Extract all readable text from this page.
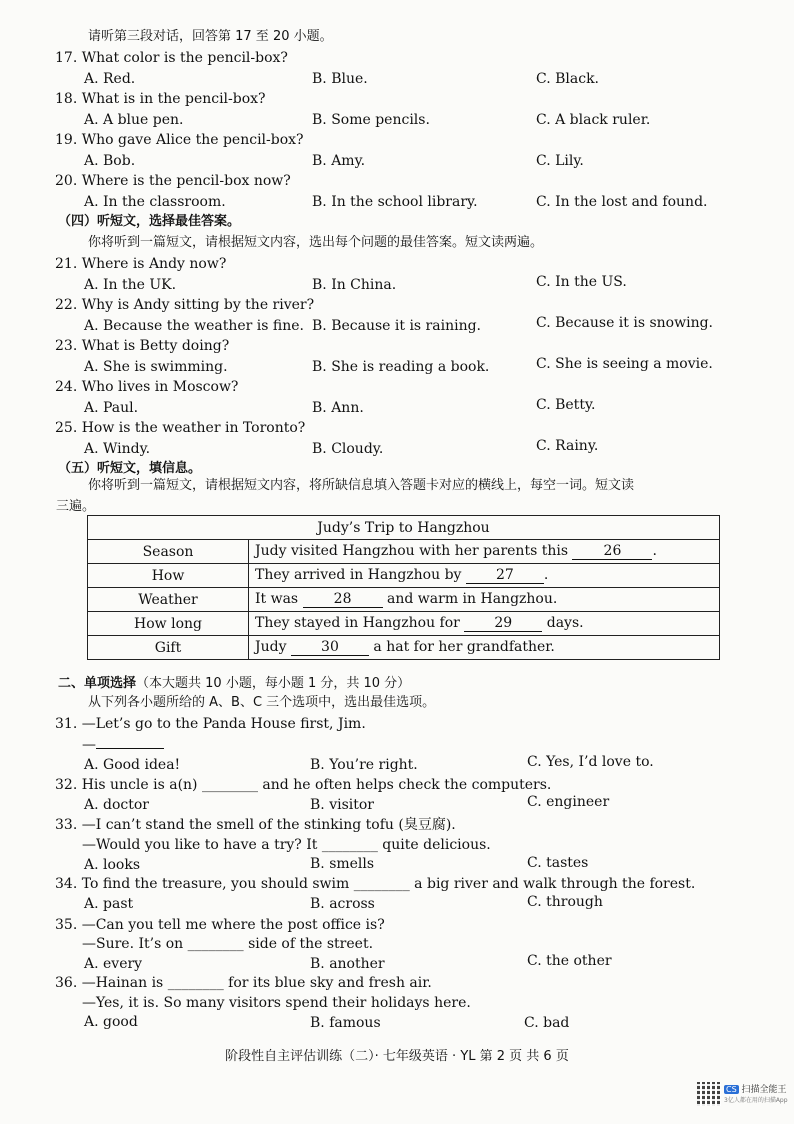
请听第三段对话，回答第 17 至 20 小题。
17. What color is the pencil-box?
A. Red.	B. Blue.	C. Black.
18. What is in the pencil-box?
A. A blue pen.	B. Some pencils.	C. A black ruler.
19. Who gave Alice the pencil-box?
A. Bob.	B. Amy.	C. Lily.
20. Where is the pencil-box now?
A. In the classroom.	B. In the school library.	C. In the lost and found.
（四）听短文，选择最佳答案。
你将听到一篇短文，请根据短文内容，选出每个问题的最佳答案。短文读两遍。
21. Where is Andy now?
A. In the UK.	B. In China.	C. In the US.
22. Why is Andy sitting by the river?
A. Because the weather is fine. B. Because it is raining.	C. Because it is snowing.
23. What is Betty doing?
A. She is swimming.	B. She is reading a book.	C. She is seeing a movie.
24. Who lives in Moscow?
A. Paul.	B. Ann.	C. Betty.
25. How is the weather in Toronto?
A. Windy.	B. Cloudy.	C. Rainy.
（五）听短文，填信息。
你将听到一篇短文，请根据短文内容，将所缺信息填入答题卡对应的横线上，每空一词。短文读
三遍。
Judy’s Trip to Hangzhou	
Season	Judy visited Hangzhou with her parents this 26 .
How	They arrived in Hangzhou by 27 .
Weather	It was 28 and warm in Hangzhou.
How long	They stayed in Hangzhou for 29 days.
Gift	Judy 30 a hat for her grandfather.
二、单项选择（本大题共 10 小题，每小题 1 分，共 10 分）
从下列各小题所给的 A、B、C 三个选项中，选出最佳选项。
31. —Let’s go to the Panda House first, Jim.
—
A. Good idea!	B. You’re right.	C. Yes, I’d love to.
32. His uncle is a(n) ________ and he often helps check the computers.
A. doctor	B. visitor	C. engineer
33. —I can’t stand the smell of the stinking tofu (臭豆腐).
—Would you like to have a try? It ________ quite delicious.
A. looks	B. smells	C. tastes
34. To find the treasure, you should swim ________ a big river and walk through the forest.
A. past	B. across	C. through
35. —Can you tell me where the post office is?
—Sure. It’s on ________ side of the street.
A. every	B. another	C. the other
36. —Hainan is ________ for its blue sky and fresh air.
—Yes, it is. So many visitors spend their holidays here.
A. good	B. famous	C. bad
阶段性自主评估训练（二）· 七年级英语 · YL 第 2 页 共 6 页
CS 扫描全能王
3亿人都在用的扫描App
